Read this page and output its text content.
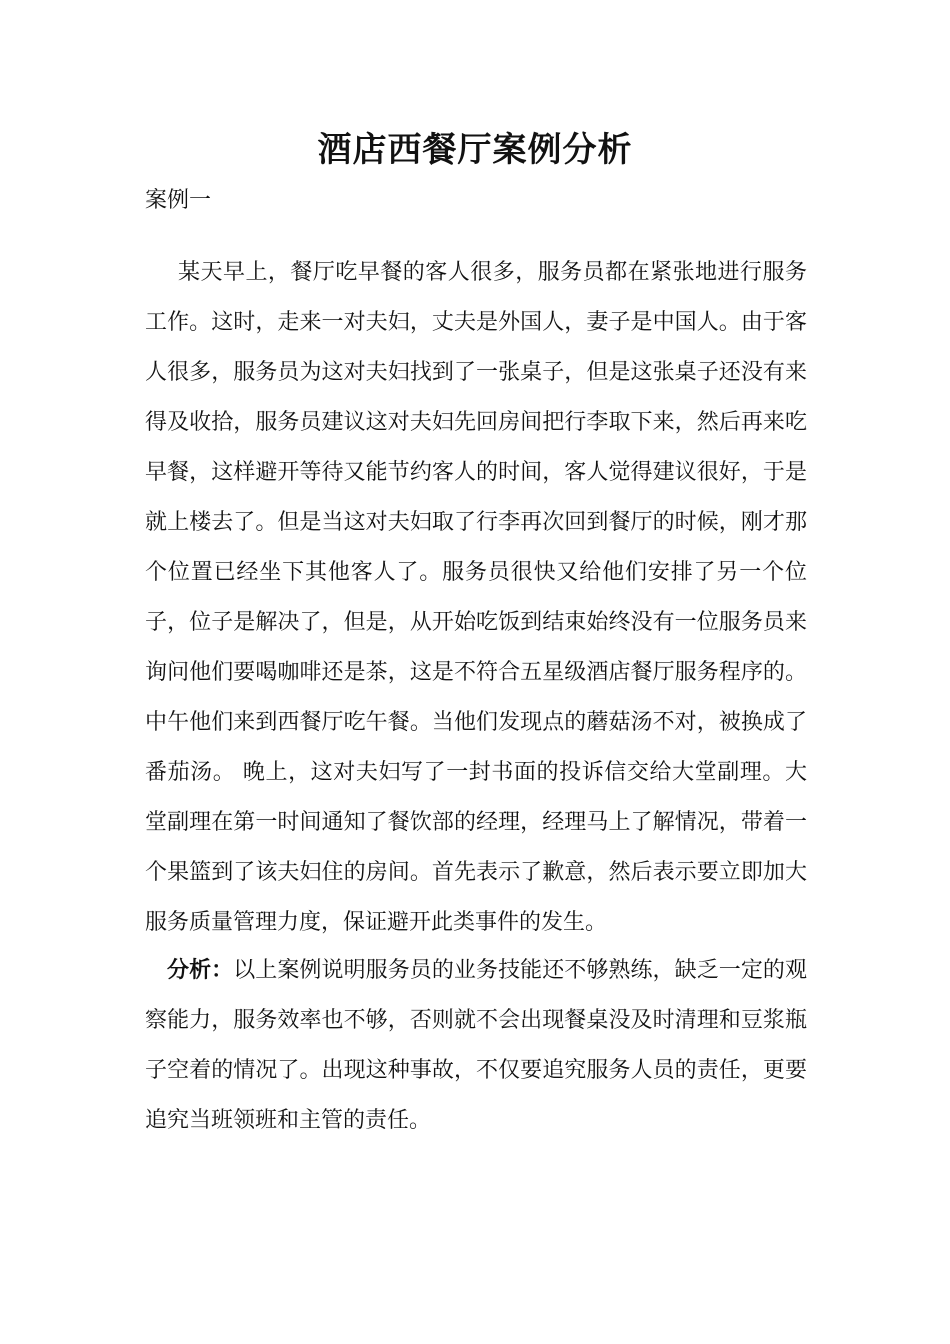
酒店西餐厅案例分析

案例一

某天早上，餐厅吃早餐的客人很多，服务员都在紧张地进行服务工作。这时，走来一对夫妇，丈夫是外国人，妻子是中国人。由于客人很多，服务员为这对夫妇找到了一张桌子，但是这张桌子还没有来得及收拾，服务员建议这对夫妇先回房间把行李取下来，然后再来吃早餐，这样避开等待又能节约客人的时间，客人觉得建议很好，于是就上楼去了。但是当这对夫妇取了行李再次回到餐厅的时候，刚才那个位置已经坐下其他客人了。服务员很快又给他们安排了另一个位子，位子是解决了，但是，从开始吃饭到结束始终没有一位服务员来询问他们要喝咖啡还是茶，这是不符合五星级酒店餐厅服务程序的。中午他们来到西餐厅吃午餐。当他们发现点的蘑菇汤不对，被换成了番茄汤。 晚上，这对夫妇写了一封书面的投诉信交给大堂副理。大堂副理在第一时间通知了餐饮部的经理，经理马上了解情况，带着一个果篮到了该夫妇住的房间。首先表示了歉意，然后表示要立即加大服务质量管理力度，保证避开此类事件的发生。

分析：以上案例说明服务员的业务技能还不够熟练，缺乏一定的观察能力，服务效率也不够，否则就不会出现餐桌没及时清理和豆浆瓶子空着的情况了。出现这种事故，不仅要追究服务人员的责任，更要追究当班领班和主管的责任。
